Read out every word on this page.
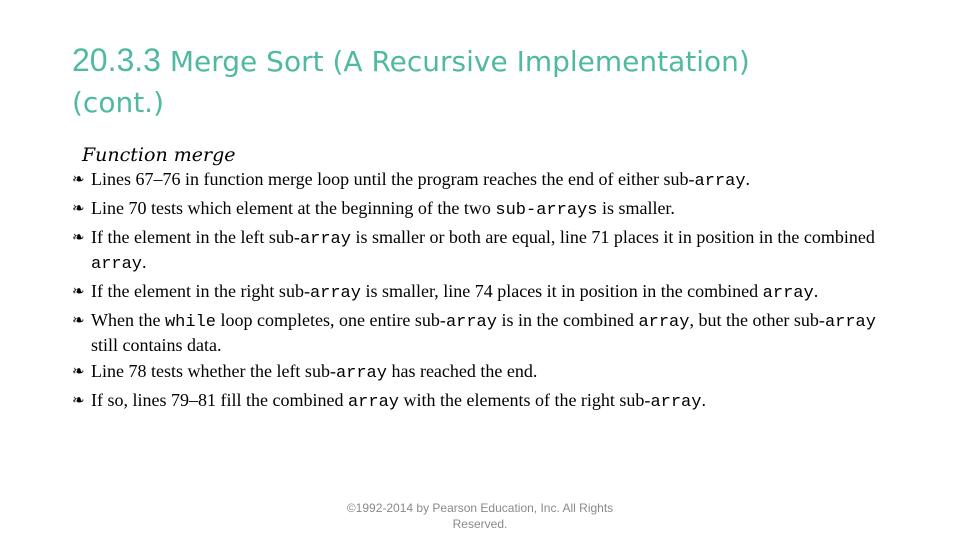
20.3.3 Merge Sort (A Recursive Implementation)
(cont.)
Function merge
❧ Lines 67–76 in function merge loop until the program reaches the end of either sub-array.
❧ Line 70 tests which element at the beginning of the two sub-arrays is smaller.
❧ If the element in the left sub-array is smaller or both are equal, line 71 places it in position in the combined array.
❧ If the element in the right sub-array is smaller, line 74 places it in position in the combined array.
❧ When the while loop completes, one entire sub-array is in the combined array, but the other sub-array still contains data.
❧ Line 78 tests whether the left sub-array has reached the end.
❧ If so, lines 79–81 fill the combined array with the elements of the right sub-array.
©1992-2014 by Pearson Education, Inc. All Rights
Reserved.
